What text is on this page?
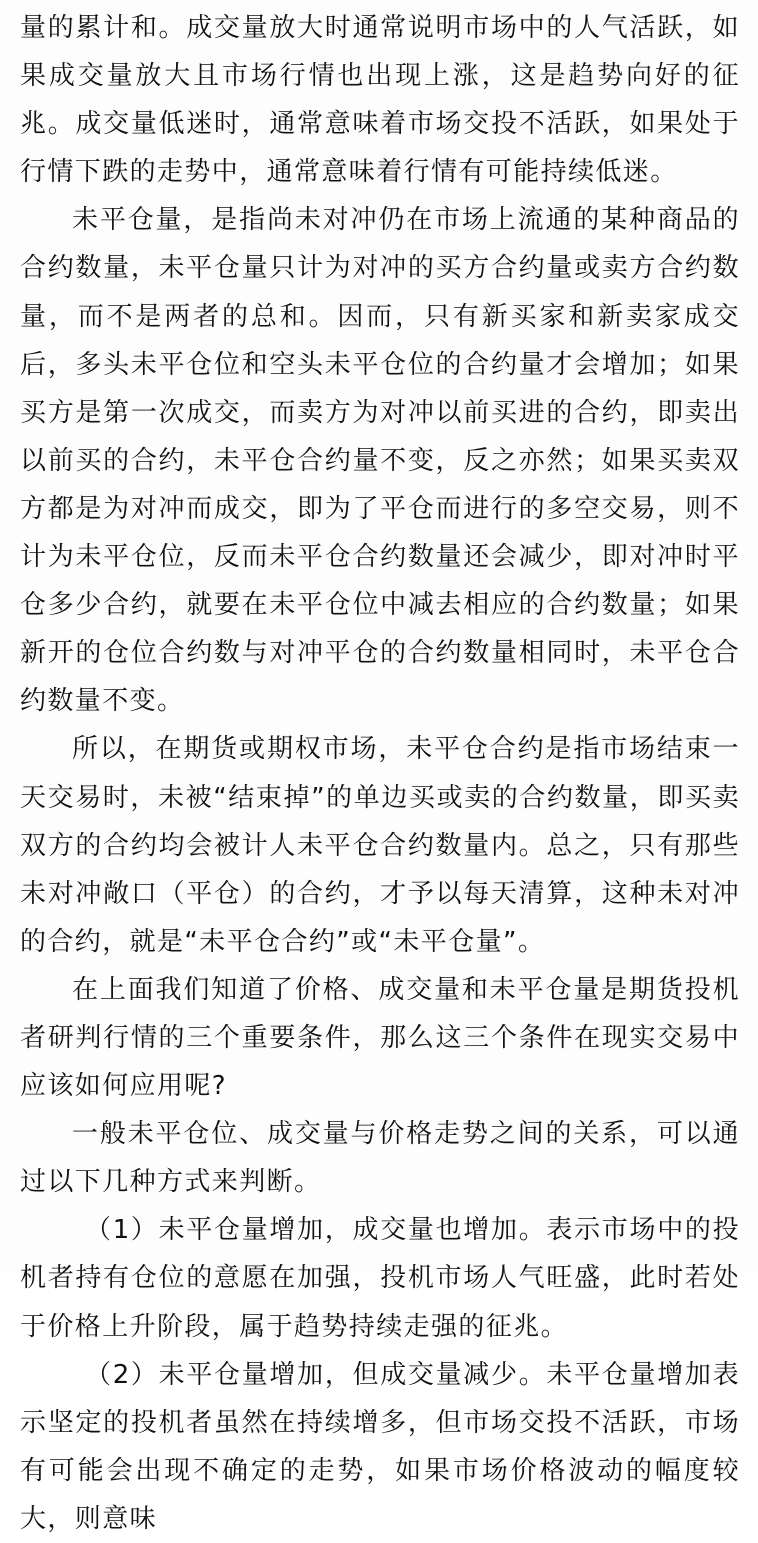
量的累计和。成交量放大时通常说明市场中的人气活跃，如果成交量放大且市场行情也出现上涨，这是趋势向好的征兆。成交量低迷时，通常意味着市场交投不活跃，如果处于行情下跌的走势中，通常意味着行情有可能持续低迷。

未平仓量，是指尚未对冲仍在市场上流通的某种商品的合约数量，未平仓量只计为对冲的买方合约量或卖方合约数量，而不是两者的总和。因而，只有新买家和新卖家成交后，多头未平仓位和空头未平仓位的合约量才会增加；如果买方是第一次成交，而卖方为对冲以前买进的合约，即卖出以前买的合约，未平仓合约量不变，反之亦然；如果买卖双方都是为对冲而成交，即为了平仓而进行的多空交易，则不计为未平仓位，反而未平仓合约数量还会减少，即对冲时平仓多少合约，就要在未平仓位中减去相应的合约数量；如果新开的仓位合约数与对冲平仓的合约数量相同时，未平仓合约数量不变。

所以，在期货或期权市场，未平仓合约是指市场结束一天交易时，未被“结束掉”的单边买或卖的合约数量，即买卖双方的合约均会被计人未平仓合约数量内。总之，只有那些未对冲敞口（平仓）的合约，才予以每天清算，这种未对冲的合约，就是“未平仓合约”或“未平仓量”。

在上面我们知道了价格、成交量和未平仓量是期货投机者研判行情的三个重要条件，那么这三个条件在现实交易中应该如何应用呢?

一般未平仓位、成交量与价格走势之间的关系，可以通过以下几种方式来判断。

（1）未平仓量增加，成交量也增加。表示市场中的投机者持有仓位的意愿在加强，投机市场人气旺盛，此时若处于价格上升阶段，属于趋势持续走强的征兆。

（2）未平仓量增加，但成交量减少。未平仓量增加表示坚定的投机者虽然在持续增多，但市场交投不活跃，市场有可能会出现不确定的走势，如果市场价格波动的幅度较大，则意味
